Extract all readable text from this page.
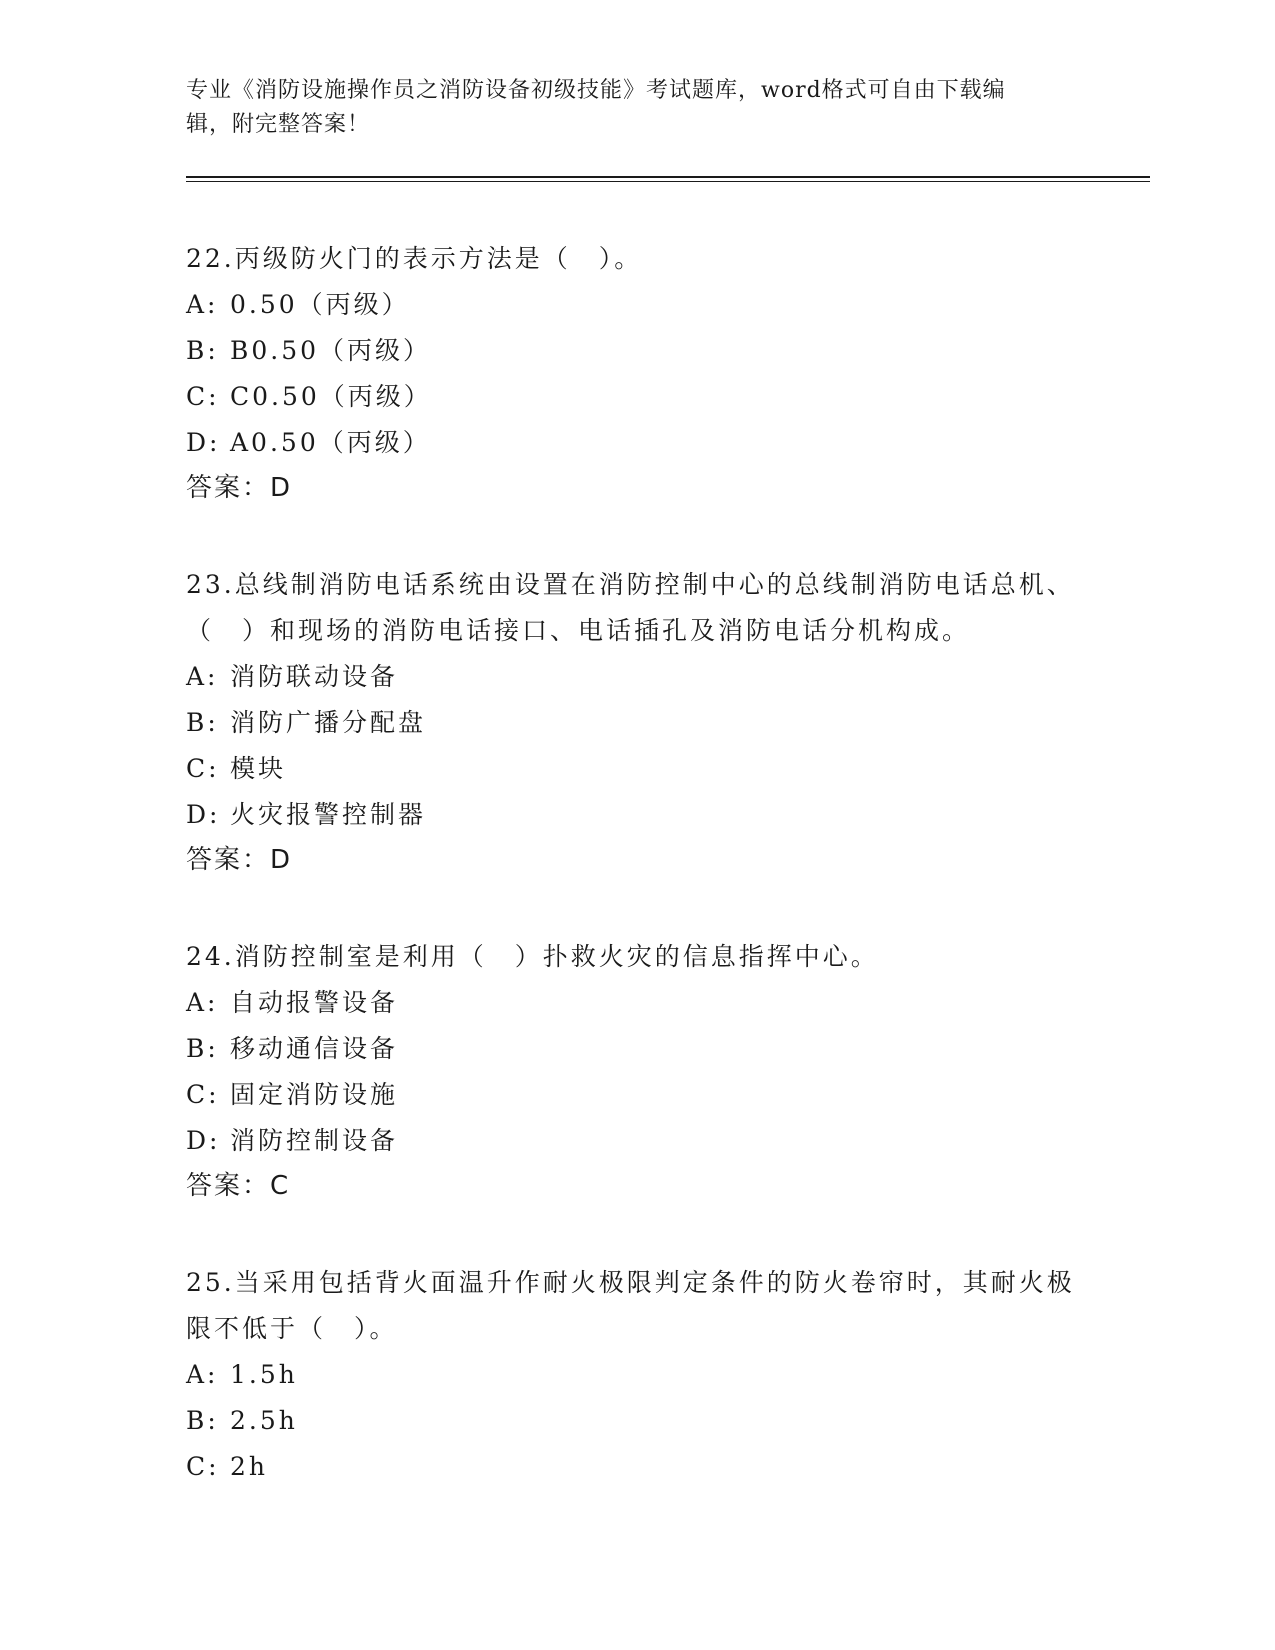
专业《消防设施操作员之消防设备初级技能》考试题库，word格式可自由下载编
辑，附完整答案！
22.丙级防火门的表示方法是（　）。
A: 0.50（丙级）
B: B0.50（丙级）
C: C0.50（丙级）
D: A0.50（丙级）
答案：D
23.总线制消防电话系统由设置在消防控制中心的总线制消防电话总机、（　）和现场的消防电话接口、电话插孔及消防电话分机构成。
A: 消防联动设备
B: 消防广播分配盘
C: 模块
D: 火灾报警控制器
答案：D
24.消防控制室是利用（　）扑救火灾的信息指挥中心。
A: 自动报警设备
B: 移动通信设备
C: 固定消防设施
D: 消防控制设备
答案：C
25.当采用包括背火面温升作耐火极限判定条件的防火卷帘时，其耐火极限不低于（　）。
A: 1.5h
B: 2.5h
C: 2h
